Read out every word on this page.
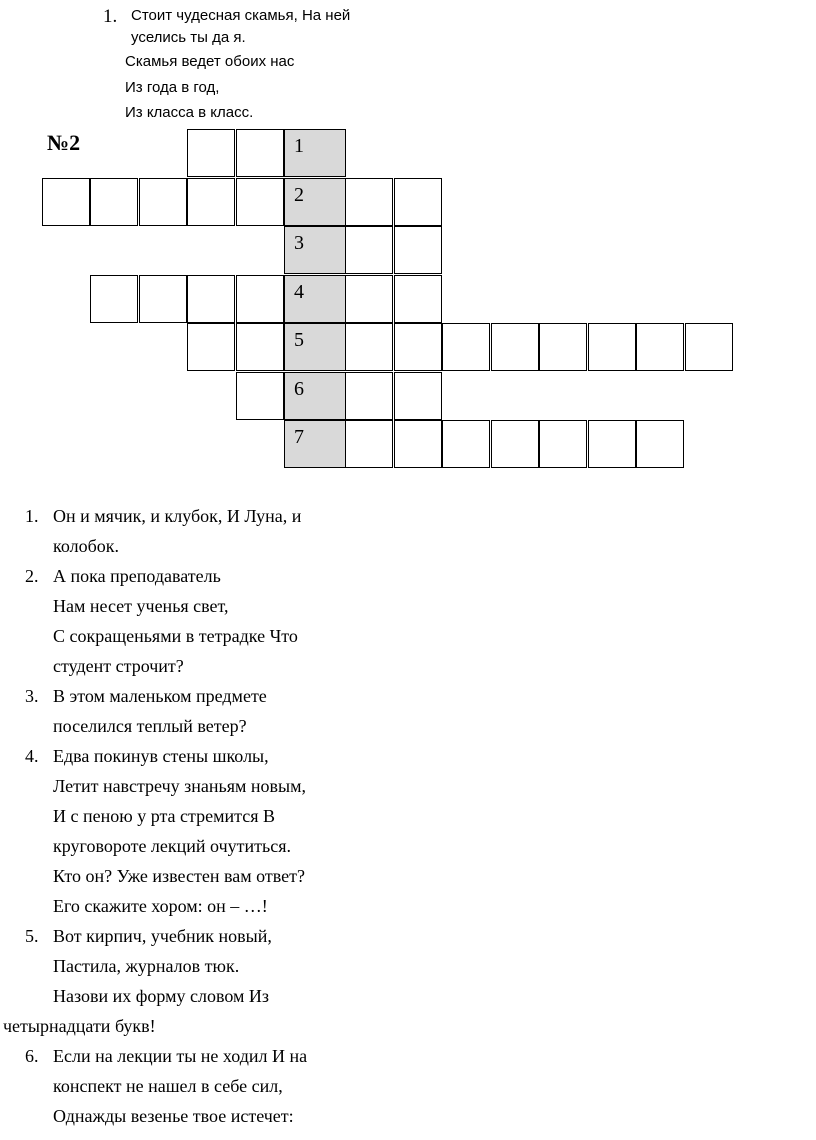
1. Стоит чудесная скамья, На ней
уселись ты да я.
Скамья ведет обоих нас
Из года в год,
Из класса в класс.
№2	1
2
3
4
5
6
7
1. Он и мячик, и клубок, И Луна, и
колобок.
2. А пока преподаватель
Нам несет ученья свет,
С сокращеньями в тетрадке Что
студент строчит?
3. В этом маленьком предмете
поселился теплый ветер?
4. Едва покинув стены школы,
Летит навстречу знаньям новым,
И с пеною у рта стремится В
круговороте лекций очутиться.
Кто он? Уже известен вам ответ?
Его скажите хором: он – …!
5. Вот кирпич, учебник новый,
Пастила, журналов тюк.
Назови их форму словом Из
четырнадцати букв!
6. Если на лекции ты не ходил И на
конспект не нашел в себе сил,
Однажды везенье твое истечет:
